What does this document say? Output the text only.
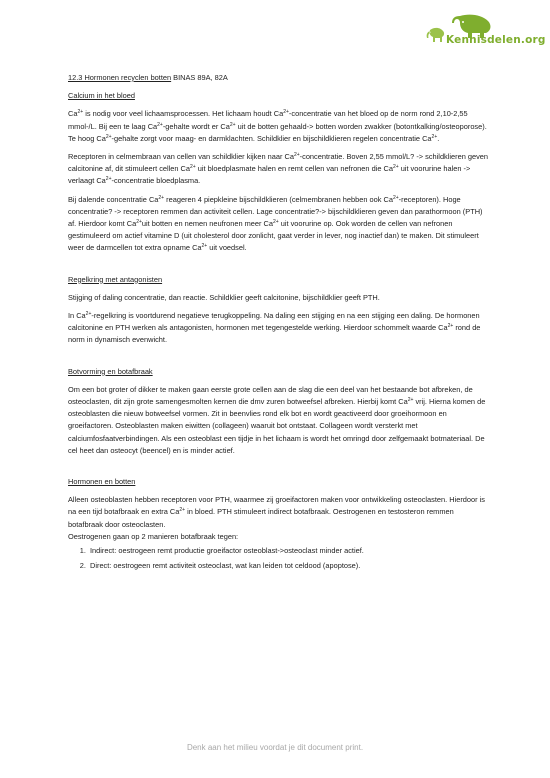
Kennisdelen.org

12.3 Hormonen recyclen botten BINAS 89A, 82A

Calcium in het bloed

$Ca^{2+}$ is nodig voor veel lichaamsprocessen. Het lichaam houdt $Ca^{2+}$-concentratie van het bloed op de norm rond 2,10-2,55 mmol-/L. Bij een te laag $Ca^{2+}$-gehalte wordt er $Ca^{2+}$ uit de botten gehaald-> botten worden zwakker (botontkalking/osteoporose). Te hoog $Ca^{2+}$-gehalte zorgt voor maag- en darmklachten. Schildklier en bijschildklieren regelen concentratie $Ca^{2+}$.

Receptoren in celmembraan van cellen van schildklier kijken naar $Ca^{2+}$-concentratie. Boven 2,55 mmol/L? -> schildklieren geven calcitonine af, dit stimuleert cellen $Ca^{2+}$ uit bloedplasmate halen en remt cellen van nefronen die $Ca^{2+}$ uit voorurine halen -> verlaagt $Ca^{2+}$-concentratie bloedplasma.

Bij dalende concentratie $Ca^{2+}$ reageren 4 piepkleine bijschildklieren (celmembranen hebben ook $Ca^{2+}-receptoren$). Hoge concentratie? -> receptoren remmen dan activiteit cellen. Lage concentratie?-> bijschildklieren geven dan parathormoon (PTH) af. Hierdoor komt $Ca^{2+}uit$ botten en nemen neufronen meer $Ca^{2+}$ uit voorurine op. Ook worden de cellen van nefronen gestimuleerd om actief vitamine D (uit cholesterol door zonlicht, gaat verder in lever, nog inactief dan) te maken. Dit stimuleert weer de darmcellen tot extra opname $Ca^{2+}$ uit voedsel.

Regelkring met antagonisten

Stijging of daling concentratie, dan reactie. Schildklier geeft calcitonine, bijschildklier geeft PTH.

In $Ca^{2+}$-regelkring is voortdurend negatieve terugkoppeling. Na daling een stijging en na een stijging een daling. De hormonen calcitonine en PTH werken als antagonisten, hormonen met tegengestelde werking. Hierdoor schommelt waarde $Ca^{2+}$ rond de norm in dynamisch evenwicht.

Botvorming en botafbraak

Om een bot groter of dikker te maken gaan eerste grote cellen aan de slag die een deel van het bestaande bot afbreken, de osteoclasten, dit zijn grote samengesmolten kernen die dmv zuren botweefsel afbreken. Hierbij komt $Ca^{2+}$ vrij. Hierna komen de osteoblasten die nieuw botweefsel vormen. Zit in beenvlies rond elk bot en wordt geactiveerd door groeihormoon en groeifactoren. Osteoblasten maken eiwitten (collageen) waaruit bot ontstaat. Collageen wordt versterkt met calciumfosfaatverbindingen. Als een osteoblast een tijdje in het lichaam is wordt het omringd door zelfgemaakt botmateriaal. De cel heet dan osteocyt (beencel) en is minder actief.

Hormonen en botten

Alleen osteoblasten hebben receptoren voor PTH, waarmee zij groeifactoren maken voor ontwikkeling osteoclasten. Hierdoor is na een tijd botafbraak en extra $Ca^{2+}$ in bloed. PTH stimuleert indirect botafbraak. Oestrogenen en testosteron remmen botafbraak door osteoclasten.

Oestrogenen gaan op 2 manieren botafbraak tegen:

1. Indirect: oestrogeen remt productie groeifactor osteoblast->osteoclast minder actief.
2. Direct: oestrogeen remt activiteit osteoclast, wat kan leiden tot celdood (apoptose).
Denk aan het milieu voordat je dit document print.
